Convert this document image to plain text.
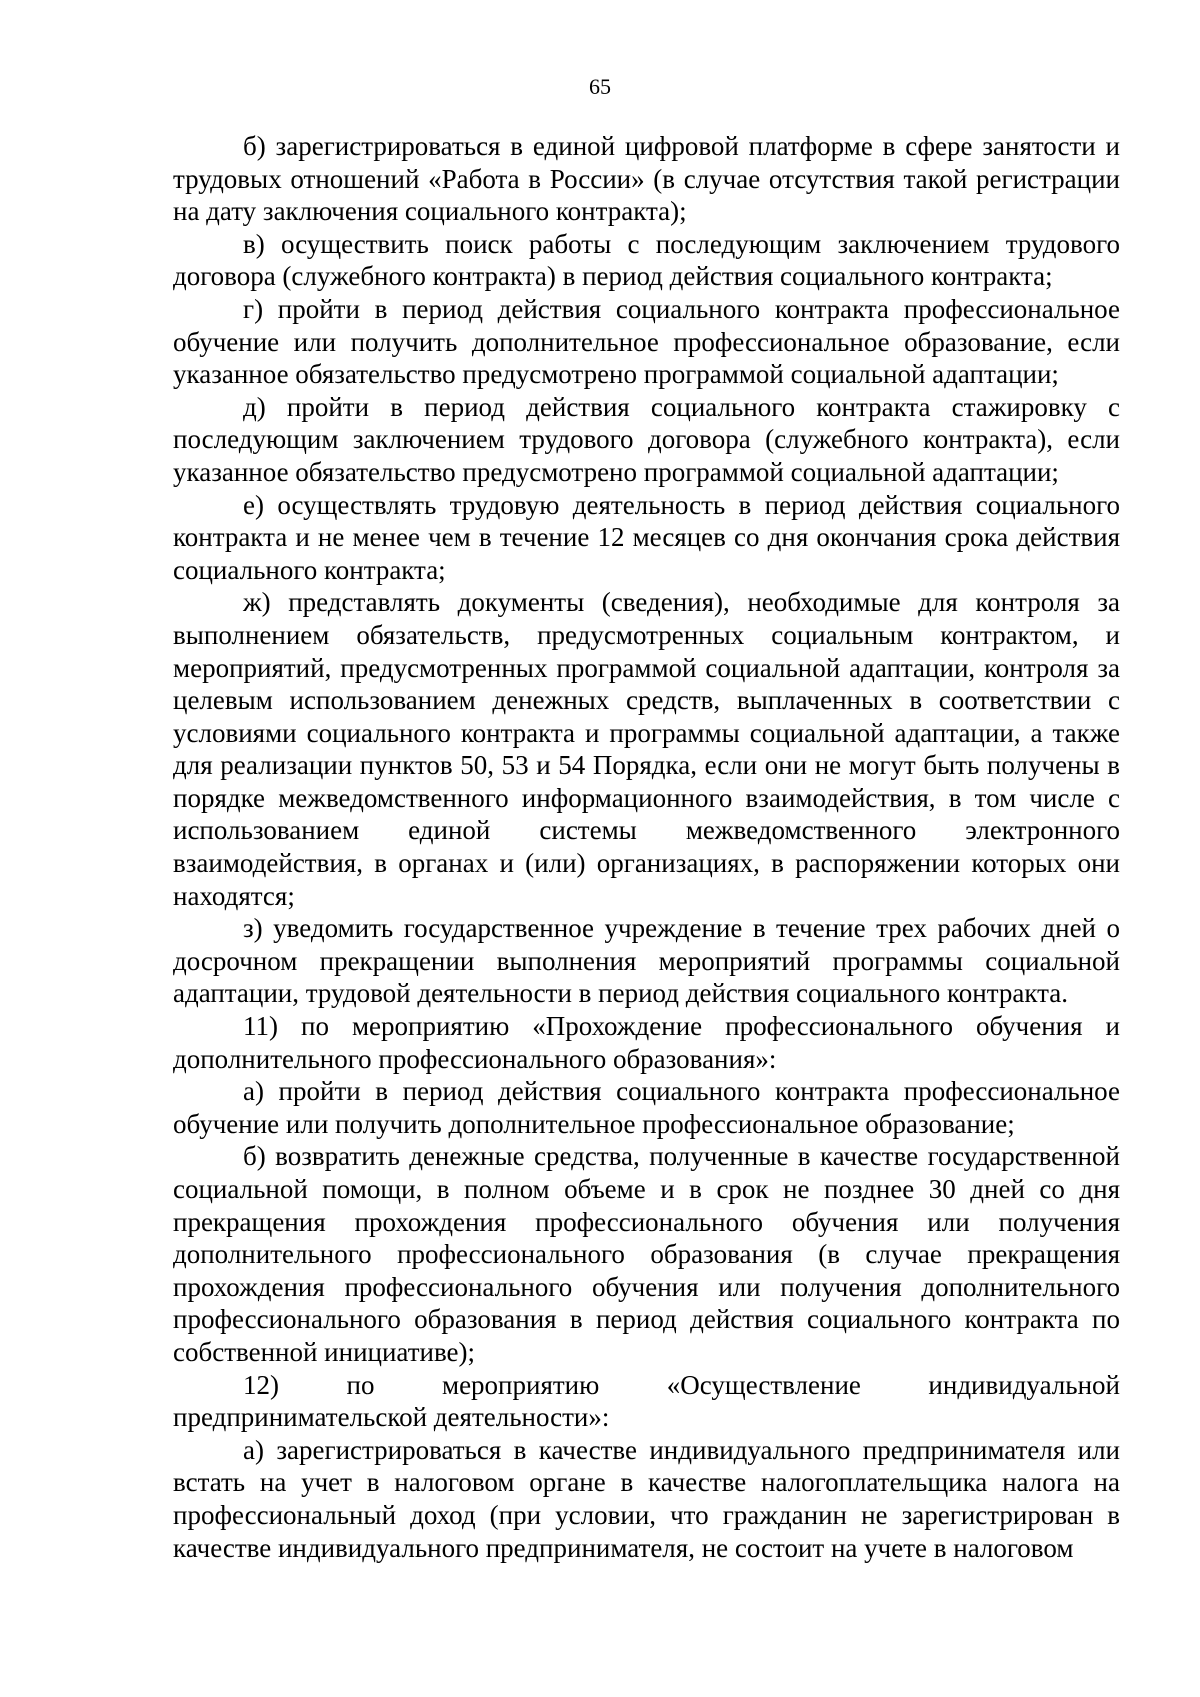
65

б) зарегистрироваться в единой цифровой платформе в сфере занятости и трудовых отношений «Работа в России» (в случае отсутствия такой регистрации на дату заключения социального контракта);

в) осуществить поиск работы с последующим заключением трудового договора (служебного контракта) в период действия социального контракта;

г) пройти в период действия социального контракта профессиональное обучение или получить дополнительное профессиональное образование, если указанное обязательство предусмотрено программой социальной адаптации;

д) пройти в период действия социального контракта стажировку с последующим заключением трудового договора (служебного контракта), если указанное обязательство предусмотрено программой социальной адаптации;

е) осуществлять трудовую деятельность в период действия социального контракта и не менее чем в течение 12 месяцев со дня окончания срока действия социального контракта;

ж) представлять документы (сведения), необходимые для контроля за выполнением обязательств, предусмотренных социальным контрактом, и мероприятий, предусмотренных программой социальной адаптации, контроля за целевым использованием денежных средств, выплаченных в соответствии с условиями социального контракта и программы социальной адаптации, а также для реализации пунктов 50, 53 и 54 Порядка, если они не могут быть получены в порядке межведомственного информационного взаимодействия, в том числе с использованием единой системы межведомственного электронного взаимодействия, в органах и (или) организациях, в распоряжении которых они находятся;

з) уведомить государственное учреждение в течение трех рабочих дней о досрочном прекращении выполнения мероприятий программы социальной адаптации, трудовой деятельности в период действия социального контракта.

11) по мероприятию «Прохождение профессионального обучения и дополнительного профессионального образования»:

а) пройти в период действия социального контракта профессиональное обучение или получить дополнительное профессиональное образование;

б) возвратить денежные средства, полученные в качестве государственной социальной помощи, в полном объеме и в срок не позднее 30 дней со дня прекращения прохождения профессионального обучения или получения дополнительного профессионального образования (в случае прекращения прохождения профессионального обучения или получения дополнительного профессионального образования в период действия социального контракта по собственной инициативе);

12) по мероприятию «Осуществление индивидуальной предпринимательской деятельности»:

а) зарегистрироваться в качестве индивидуального предпринимателя или встать на учет в налоговом органе в качестве налогоплательщика налога на профессиональный доход (при условии, что гражданин не зарегистрирован в качестве индивидуального предпринимателя, не состоит на учете в налоговом
